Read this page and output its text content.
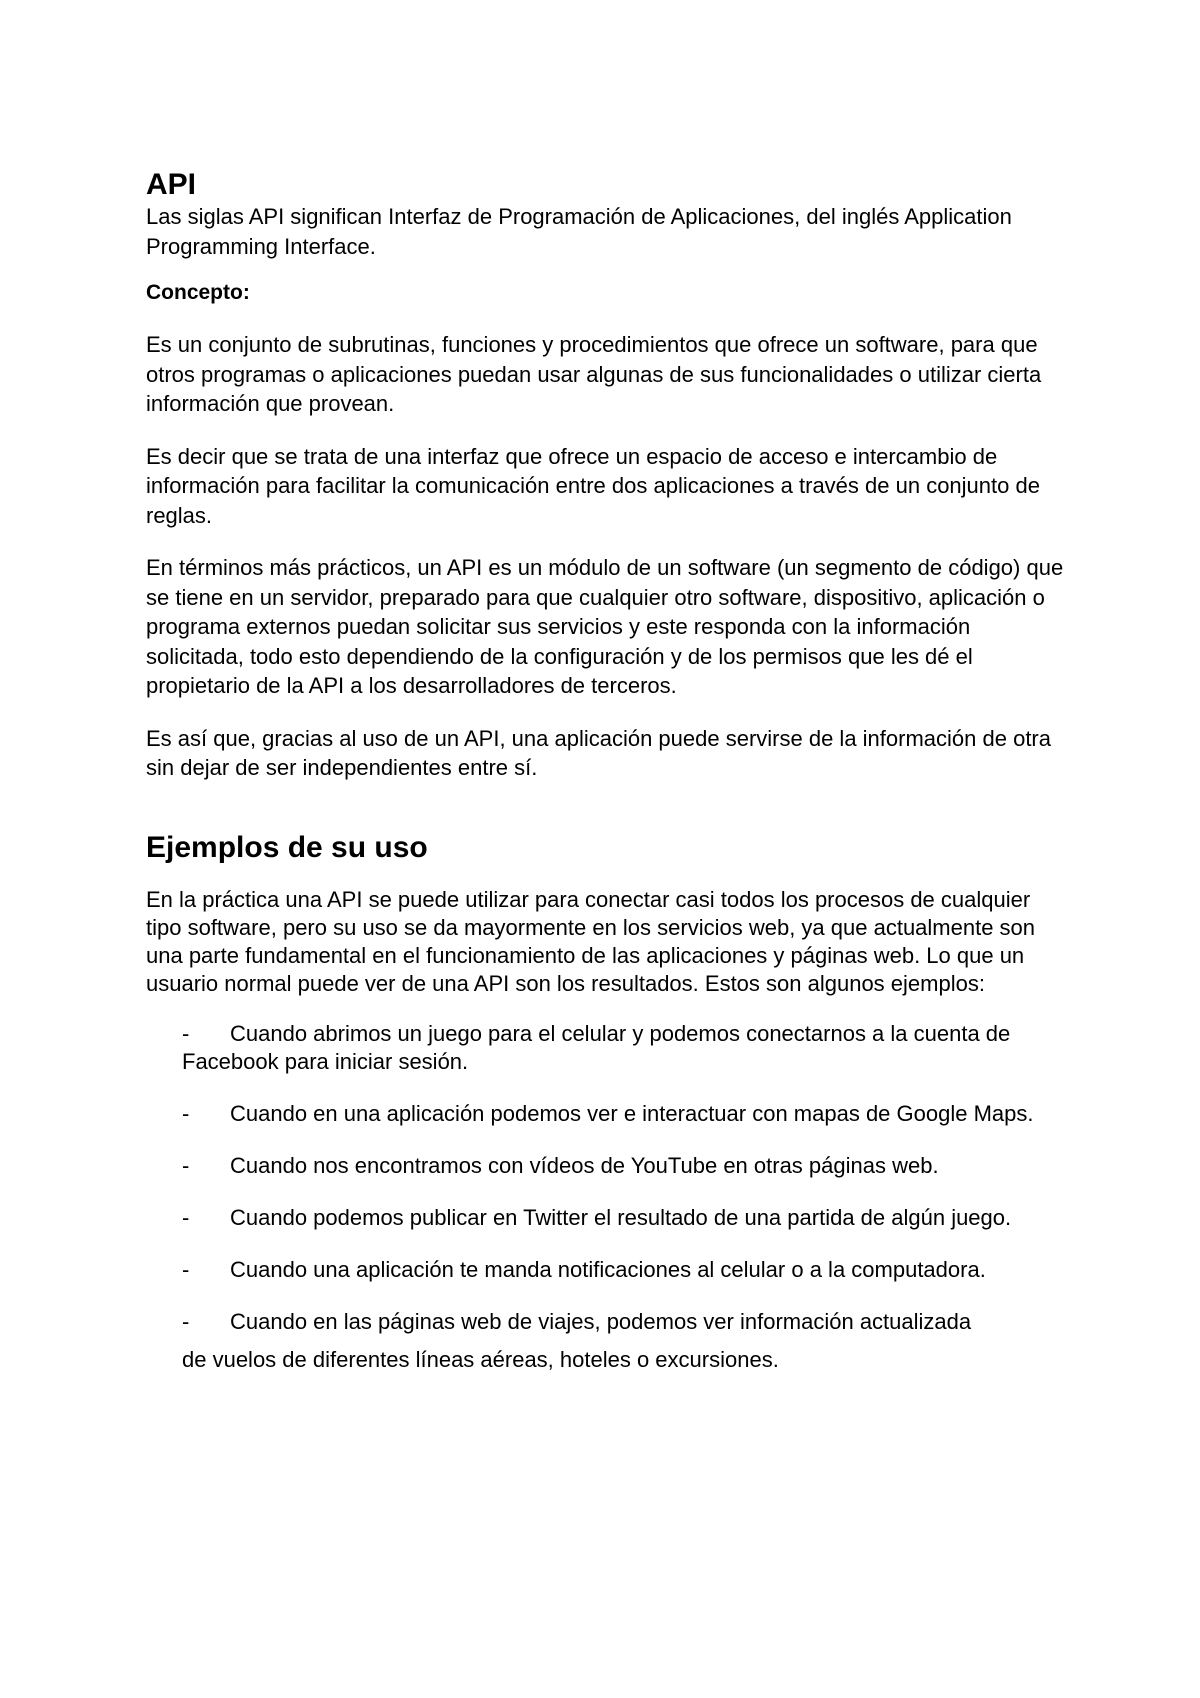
API

Las siglas API significan Interfaz de Programación de Aplicaciones, del inglés Application Programming Interface.

Concepto:

Es un conjunto de subrutinas, funciones y procedimientos que ofrece un software, para que otros programas o aplicaciones puedan usar algunas de sus funcionalidades o utilizar cierta información que provean.

Es decir que se trata de una interfaz que ofrece un espacio de acceso e intercambio de información para facilitar la comunicación entre dos aplicaciones a través de un conjunto de reglas.

En términos más prácticos, un API es un módulo de un software (un segmento de código) que se tiene en un servidor, preparado para que cualquier otro software, dispositivo, aplicación o programa externos puedan solicitar sus servicios y este responda con la información solicitada, todo esto dependiendo de la configuración y de los permisos que les dé el propietario de la API a los desarrolladores de terceros.

Es así que, gracias al uso de un API, una aplicación puede servirse de la información de otra sin dejar de ser independientes entre sí.

Ejemplos de su uso

En la práctica una API se puede utilizar para conectar casi todos los procesos de cualquier tipo software, pero su uso se da mayormente en los servicios web, ya que actualmente son una parte fundamental en el funcionamiento de las aplicaciones y páginas web. Lo que un usuario normal puede ver de una API son los resultados. Estos son algunos ejemplos:

- Cuando abrimos un juego para el celular y podemos conectarnos a la cuenta de Facebook para iniciar sesión.
- Cuando en una aplicación podemos ver e interactuar con mapas de Google Maps.
- Cuando nos encontramos con vídeos de YouTube en otras páginas web.
- Cuando podemos publicar en Twitter el resultado de una partida de algún juego.
- Cuando una aplicación te manda notificaciones al celular o a la computadora.
- Cuando en las páginas web de viajes, podemos ver información actualizada

de vuelos de diferentes líneas aéreas, hoteles o excursiones.
